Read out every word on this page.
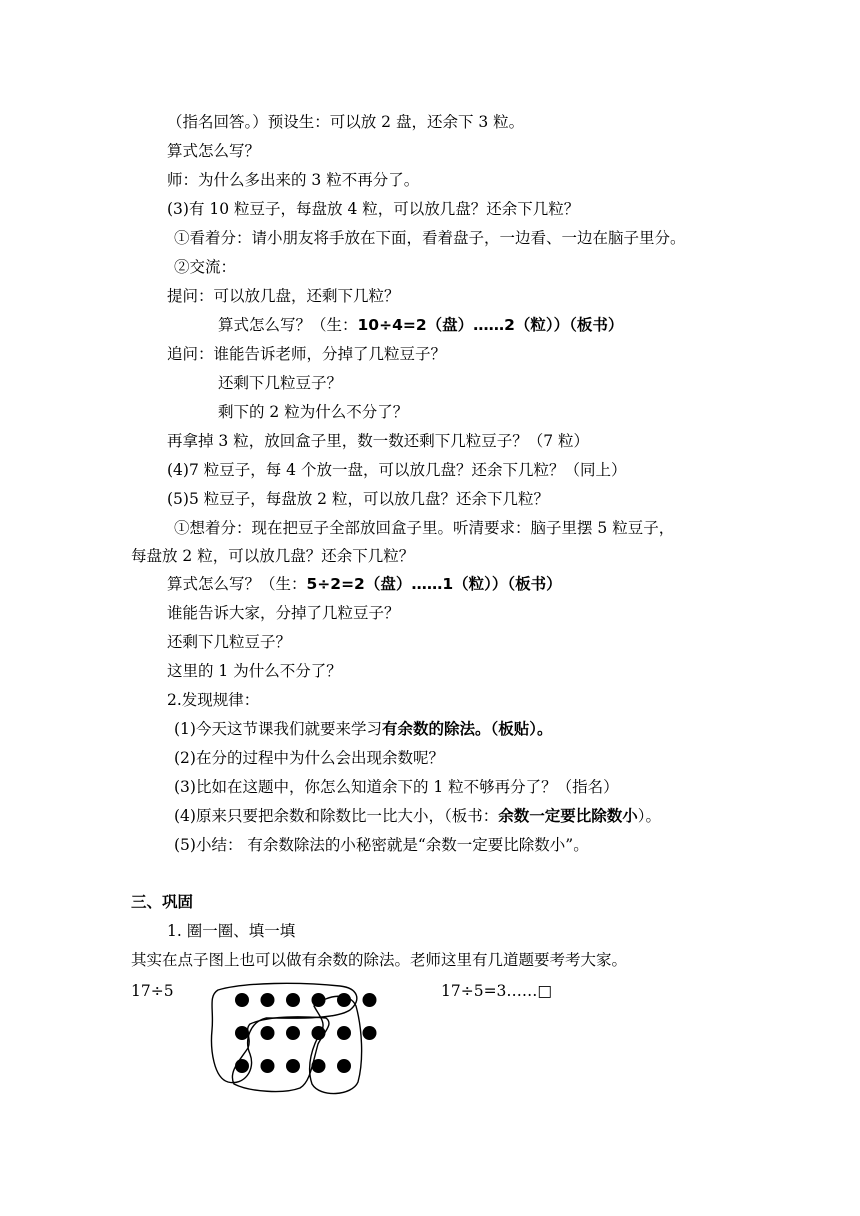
（指名回答。）预设生：可以放 2 盘，还余下 3 粒。
算式怎么写？
师：为什么多出来的 3 粒不再分了。
(3)有 10 粒豆子，每盘放 4 粒，可以放几盘？还余下几粒？
①看着分：请小朋友将手放在下面，看着盘子，一边看、一边在脑子里分。
②交流：
提问：可以放几盘，还剩下几粒？
算式怎么写？（生：10÷4=2（盘）……2（粒））（板书）
追问：谁能告诉老师，分掉了几粒豆子？
还剩下几粒豆子？
剩下的 2 粒为什么不分了？
再拿掉 3 粒，放回盒子里，数一数还剩下几粒豆子？（7 粒）
(4)7 粒豆子，每 4 个放一盘，可以放几盘？还余下几粒？（同上）
(5)5 粒豆子，每盘放 2 粒，可以放几盘？还余下几粒？
①想着分：现在把豆子全部放回盒子里。听清要求：脑子里摆 5 粒豆子，
每盘放 2 粒，可以放几盘？还余下几粒？
算式怎么写？（生：5÷2=2（盘）……1（粒））（板书）
谁能告诉大家，分掉了几粒豆子？
还剩下几粒豆子？
这里的 1 为什么不分了？
2.发现规律：
(1)今天这节课我们就要来学习有余数的除法。（板贴）。
(2)在分的过程中为什么会出现余数呢？
(3)比如在这题中，你怎么知道余下的 1 粒不够再分了？（指名）
(4)原来只要把余数和除数比一比大小，（板书：余数一定要比除数小）。
(5)小结： 有余数除法的小秘密就是“余数一定要比除数小”。
三、巩固
1. 圈一圈、填一填
其实在点子图上也可以做有余数的除法。老师这里有几道题要考考大家。
17÷5	17÷5=3……□
